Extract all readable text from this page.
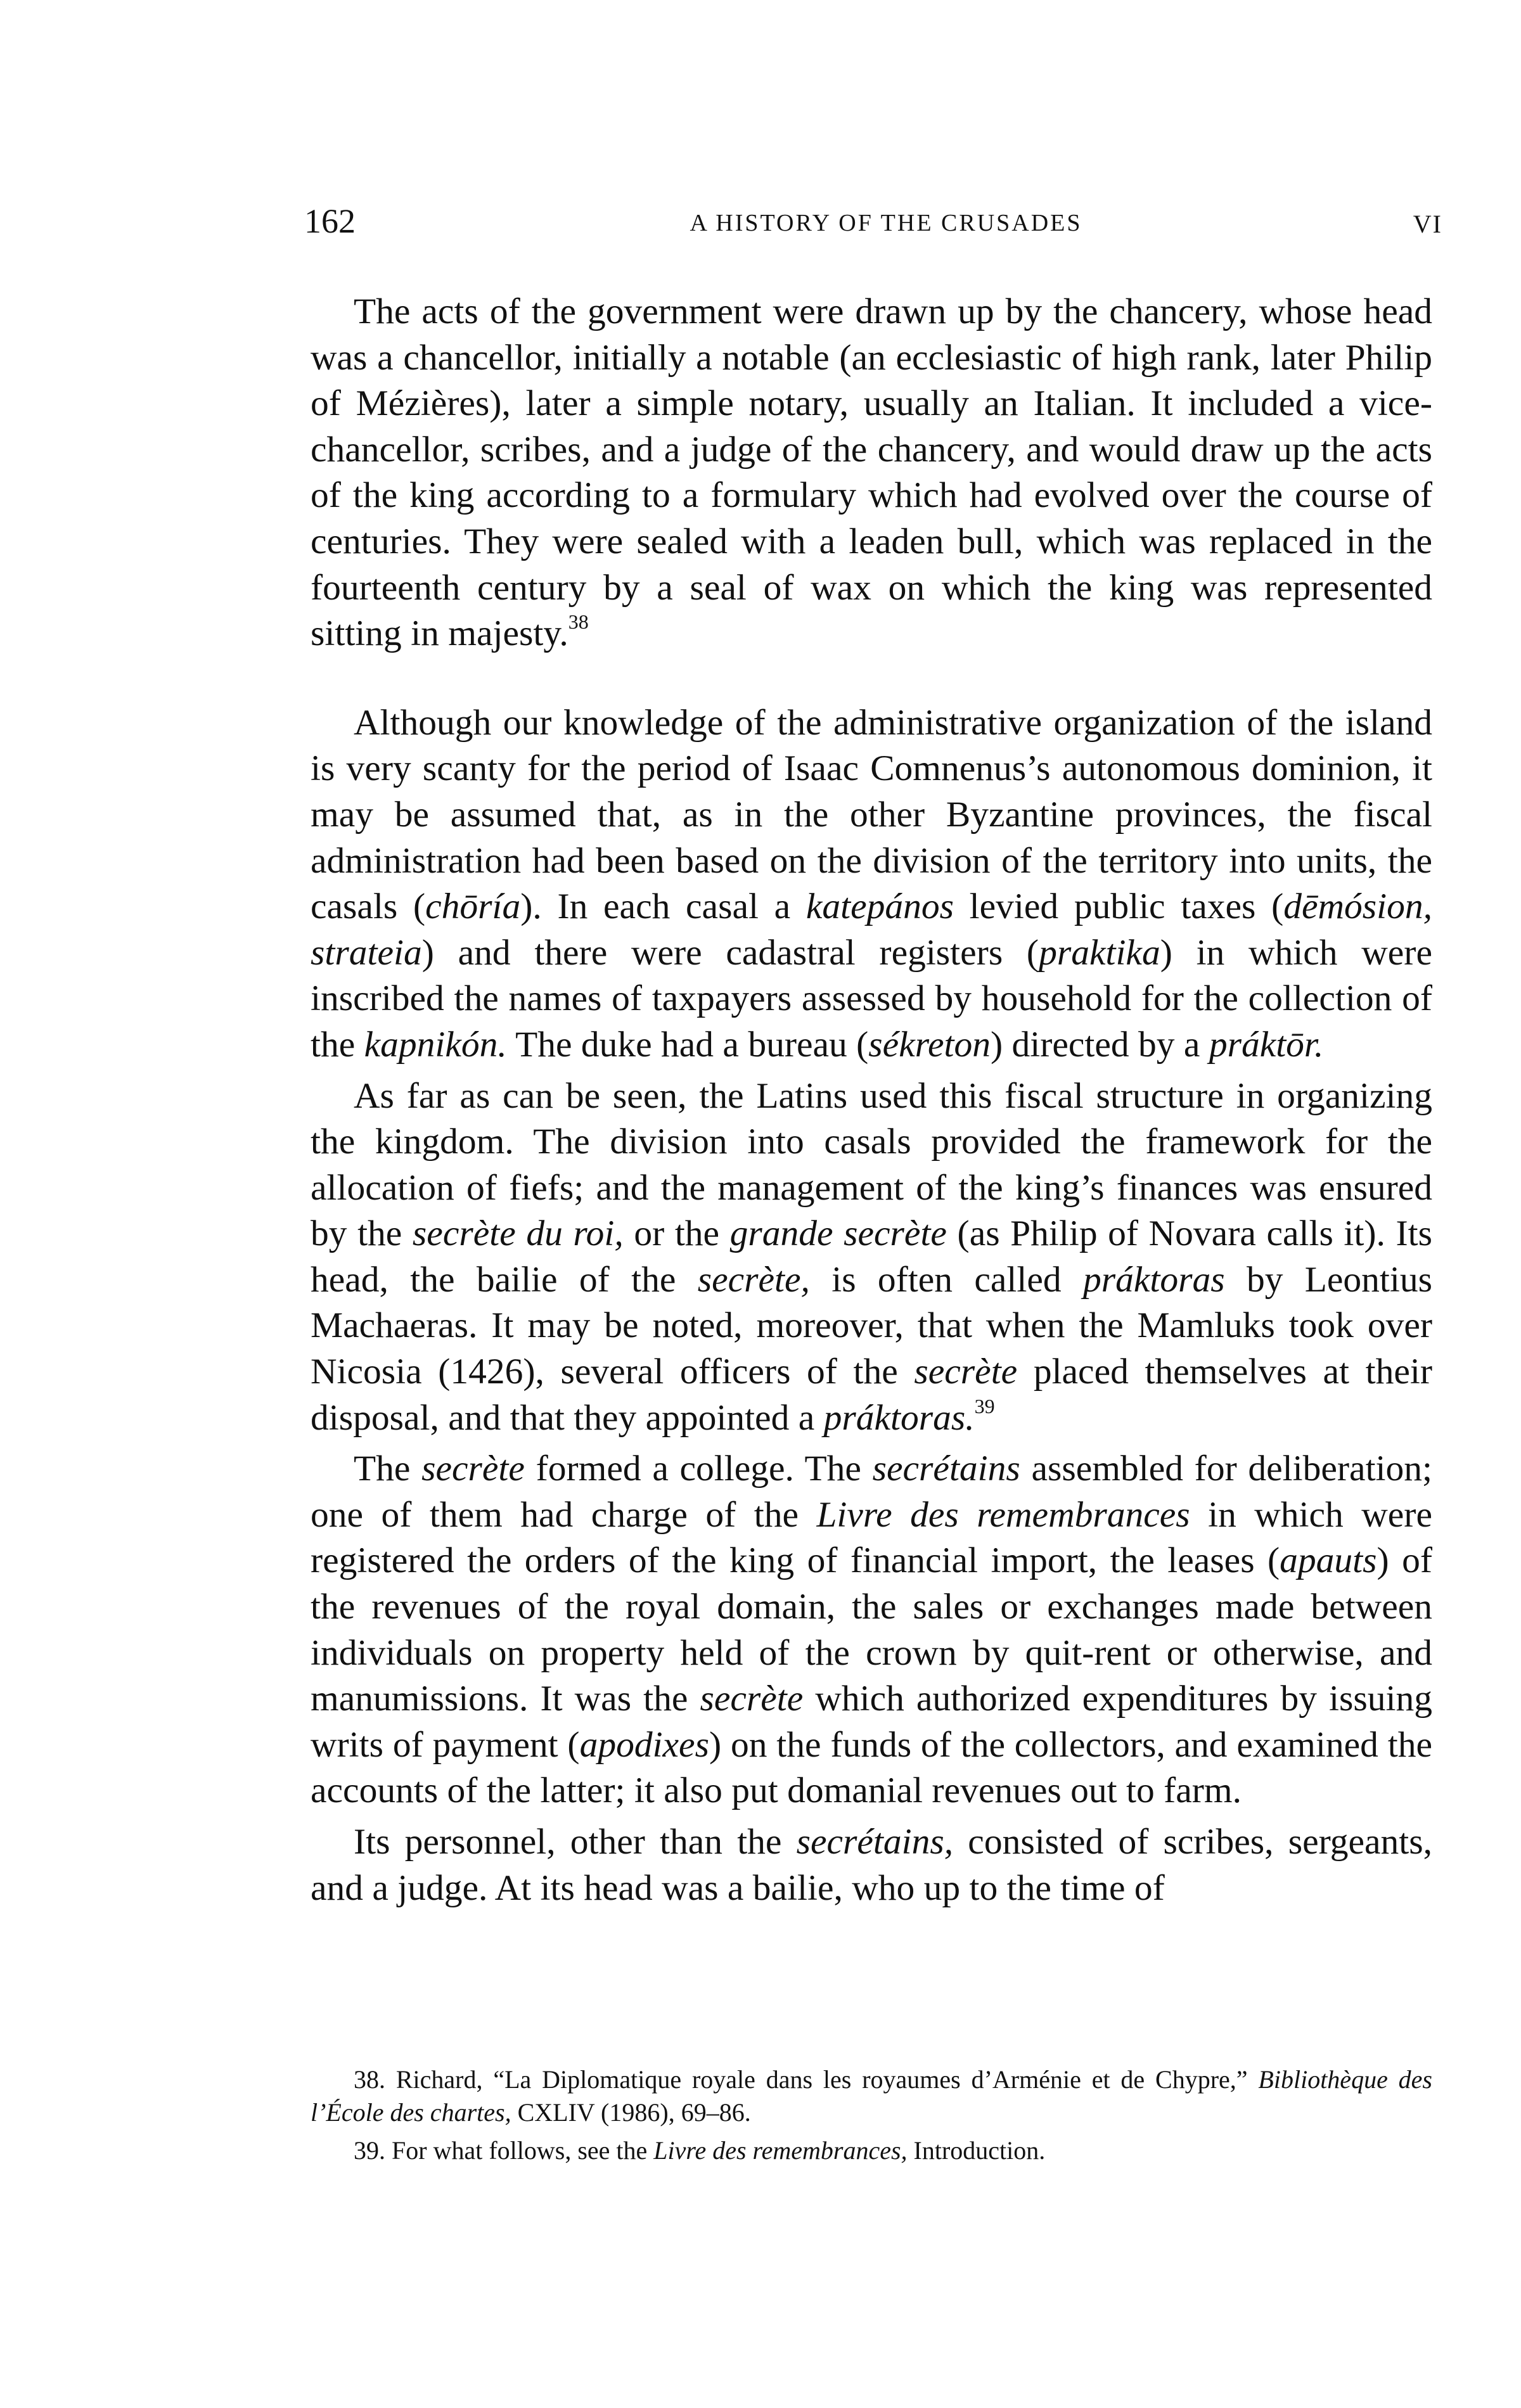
162	A HISTORY OF THE CRUSADES	VI

The acts of the government were drawn up by the chancery, whose head was a chancellor, initially a notable (an ecclesiastic of high rank, later Philip of Mézières), later a simple notary, usually an Italian. It included a vice-chancellor, scribes, and a judge of the chancery, and would draw up the acts of the king according to a formulary which had evolved over the course of centuries. They were sealed with a leaden bull, which was replaced in the fourteenth century by a seal of wax on which the king was represented sitting in majesty.$^{38}$

Although our knowledge of the administrative organization of the island is very scanty for the period of Isaac Comnenus’s autonomous dominion, it may be assumed that, as in the other Byzantine provinces, the fiscal administration had been based on the division of the territory into units, the casals (chōría). In each casal a katepános levied public taxes (dēmósion, strateia) and there were cadastral registers (praktika) in which were inscribed the names of taxpayers assessed by household for the collection of the kapnikón. The duke had a bureau (sékreton) directed by a práktōr.

As far as can be seen, the Latins used this fiscal structure in organizing the kingdom. The division into casals provided the framework for the allocation of fiefs; and the management of the king’s finances was ensured by the secrète du roi, or the grande secrète (as Philip of Novara calls it). Its head, the bailie of the secrète, is often called práktoras by Leontius Machaeras. It may be noted, moreover, that when the Mamluks took over Nicosia (1426), several officers of the secrète placed themselves at their disposal, and that they appointed a práktoras.$^{39}$

The secrète formed a college. The secrétains assembled for deliberation; one of them had charge of the Livre des remembrances in which were registered the orders of the king of financial import, the leases (apauts) of the revenues of the royal domain, the sales or exchanges made between individuals on property held of the crown by quit-rent or otherwise, and manumissions. It was the secrète which authorized expenditures by issuing writs of payment (apodixes) on the funds of the collectors, and examined the accounts of the latter; it also put domanial revenues out to farm.

Its personnel, other than the secrétains, consisted of scribes, sergeants, and a judge. At its head was a bailie, who up to the time of

38. Richard, “La Diplomatique royale dans les royaumes d’Arménie et de Chypre,” Bibliothèque des l’École des chartes, CXLIV (1986), 69–86.

39. For what follows, see the Livre des remembrances, Introduction.
